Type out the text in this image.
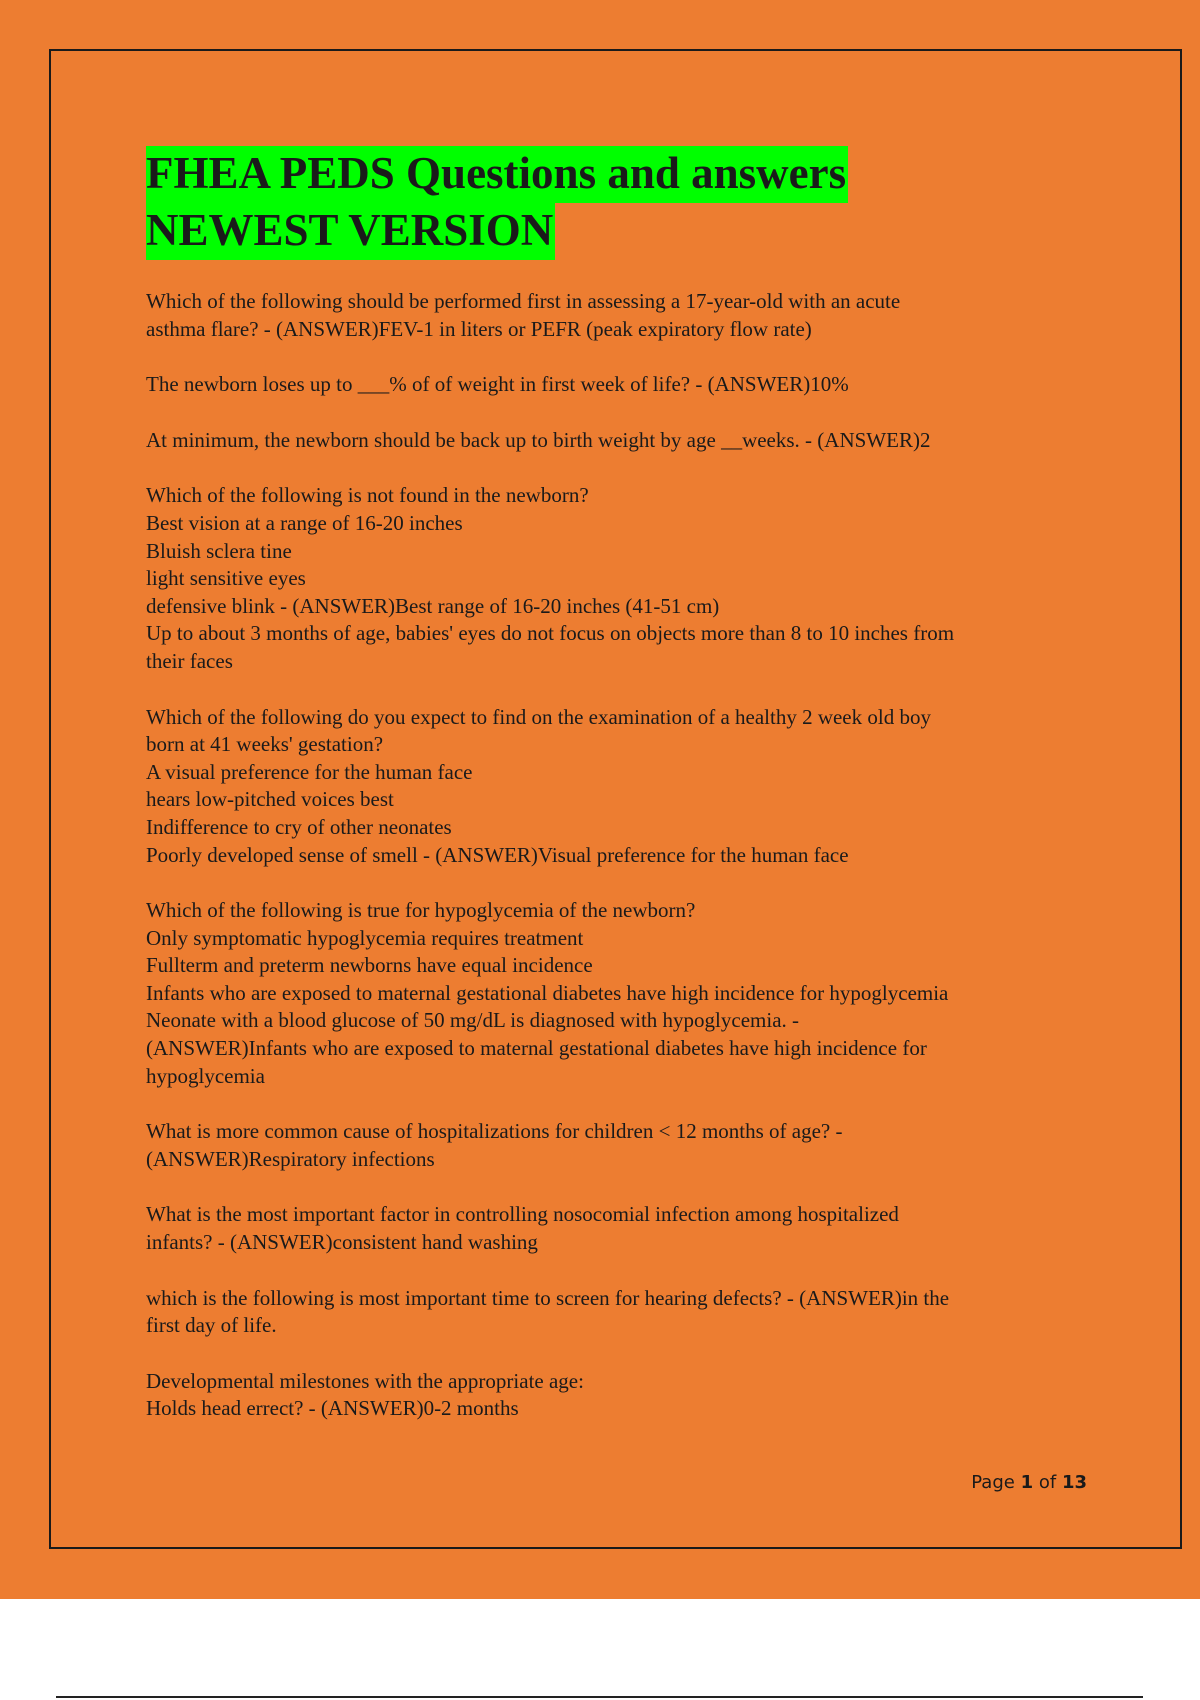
FHEA PEDS Questions and answers
NEWEST VERSION
Which of the following should be performed first in assessing a 17-year-old with an acute
asthma flare? - (ANSWER)FEV-1 in liters or PEFR (peak expiratory flow rate)
The newborn loses up to ___% of of weight in first week of life? - (ANSWER)10%
At minimum, the newborn should be back up to birth weight by age __weeks. - (ANSWER)2
Which of the following is not found in the newborn?
Best vision at a range of 16-20 inches
Bluish sclera tine
light sensitive eyes
defensive blink - (ANSWER)Best range of 16-20 inches (41-51 cm)
Up to about 3 months of age, babies' eyes do not focus on objects more than 8 to 10 inches from
their faces
Which of the following do you expect to find on the examination of a healthy 2 week old boy
born at 41 weeks' gestation?
A visual preference for the human face
hears low-pitched voices best
Indifference to cry of other neonates
Poorly developed sense of smell - (ANSWER)Visual preference for the human face
Which of the following is true for hypoglycemia of the newborn?
Only symptomatic hypoglycemia requires treatment
Fullterm and preterm newborns have equal incidence
Infants who are exposed to maternal gestational diabetes have high incidence for hypoglycemia
Neonate with a blood glucose of 50 mg/dL is diagnosed with hypoglycemia. -
(ANSWER)Infants who are exposed to maternal gestational diabetes have high incidence for
hypoglycemia
What is more common cause of hospitalizations for children < 12 months of age? -
(ANSWER)Respiratory infections
What is the most important factor in controlling nosocomial infection among hospitalized
infants? - (ANSWER)consistent hand washing
which is the following is most important time to screen for hearing defects? - (ANSWER)in the
first day of life.
Developmental milestones with the appropriate age:
Holds head errect? - (ANSWER)0-2 months
Page 1 of 13
